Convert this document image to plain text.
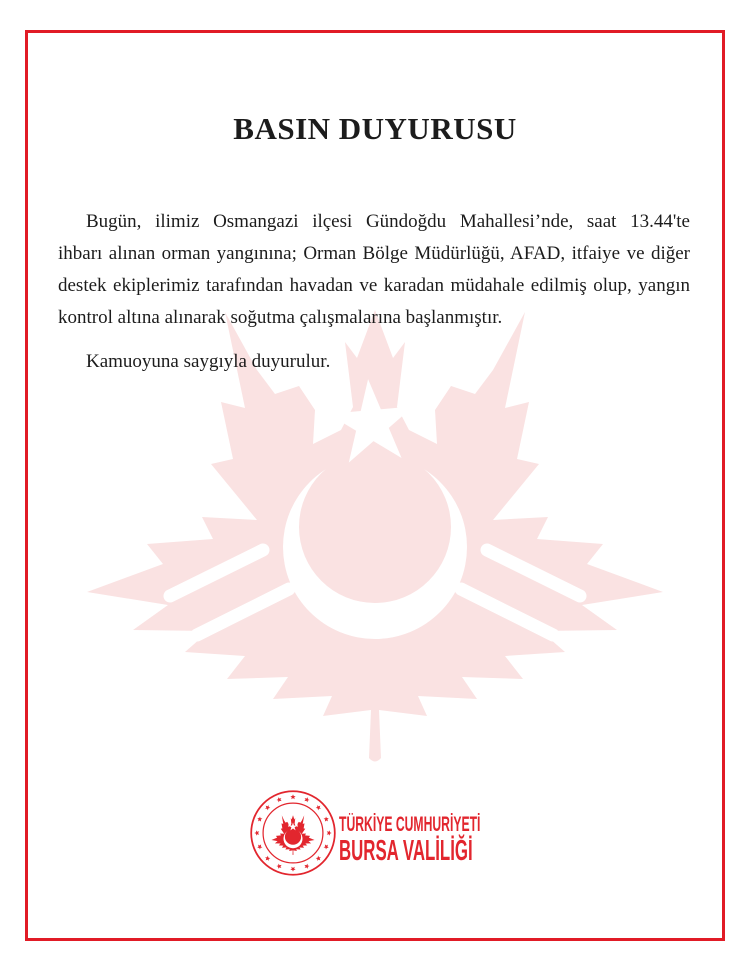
BASIN DUYURUSU
Bugün, ilimiz Osmangazi ilçesi Gündoğdu Mahallesi’nde, saat 13.44'te
ihbarı alınan orman yangınına; Orman Bölge Müdürlüğü, AFAD, itfaiye ve diğer
destek ekiplerimiz tarafından havadan ve karadan müdahale edilmiş olup, yangın
kontrol altına alınarak soğutma çalışmalarına başlanmıştır.
Kamuoyuna saygıyla duyurulur.
TÜRKİYE CUMHURİYETİ
BURSA VALİLİĞİ
